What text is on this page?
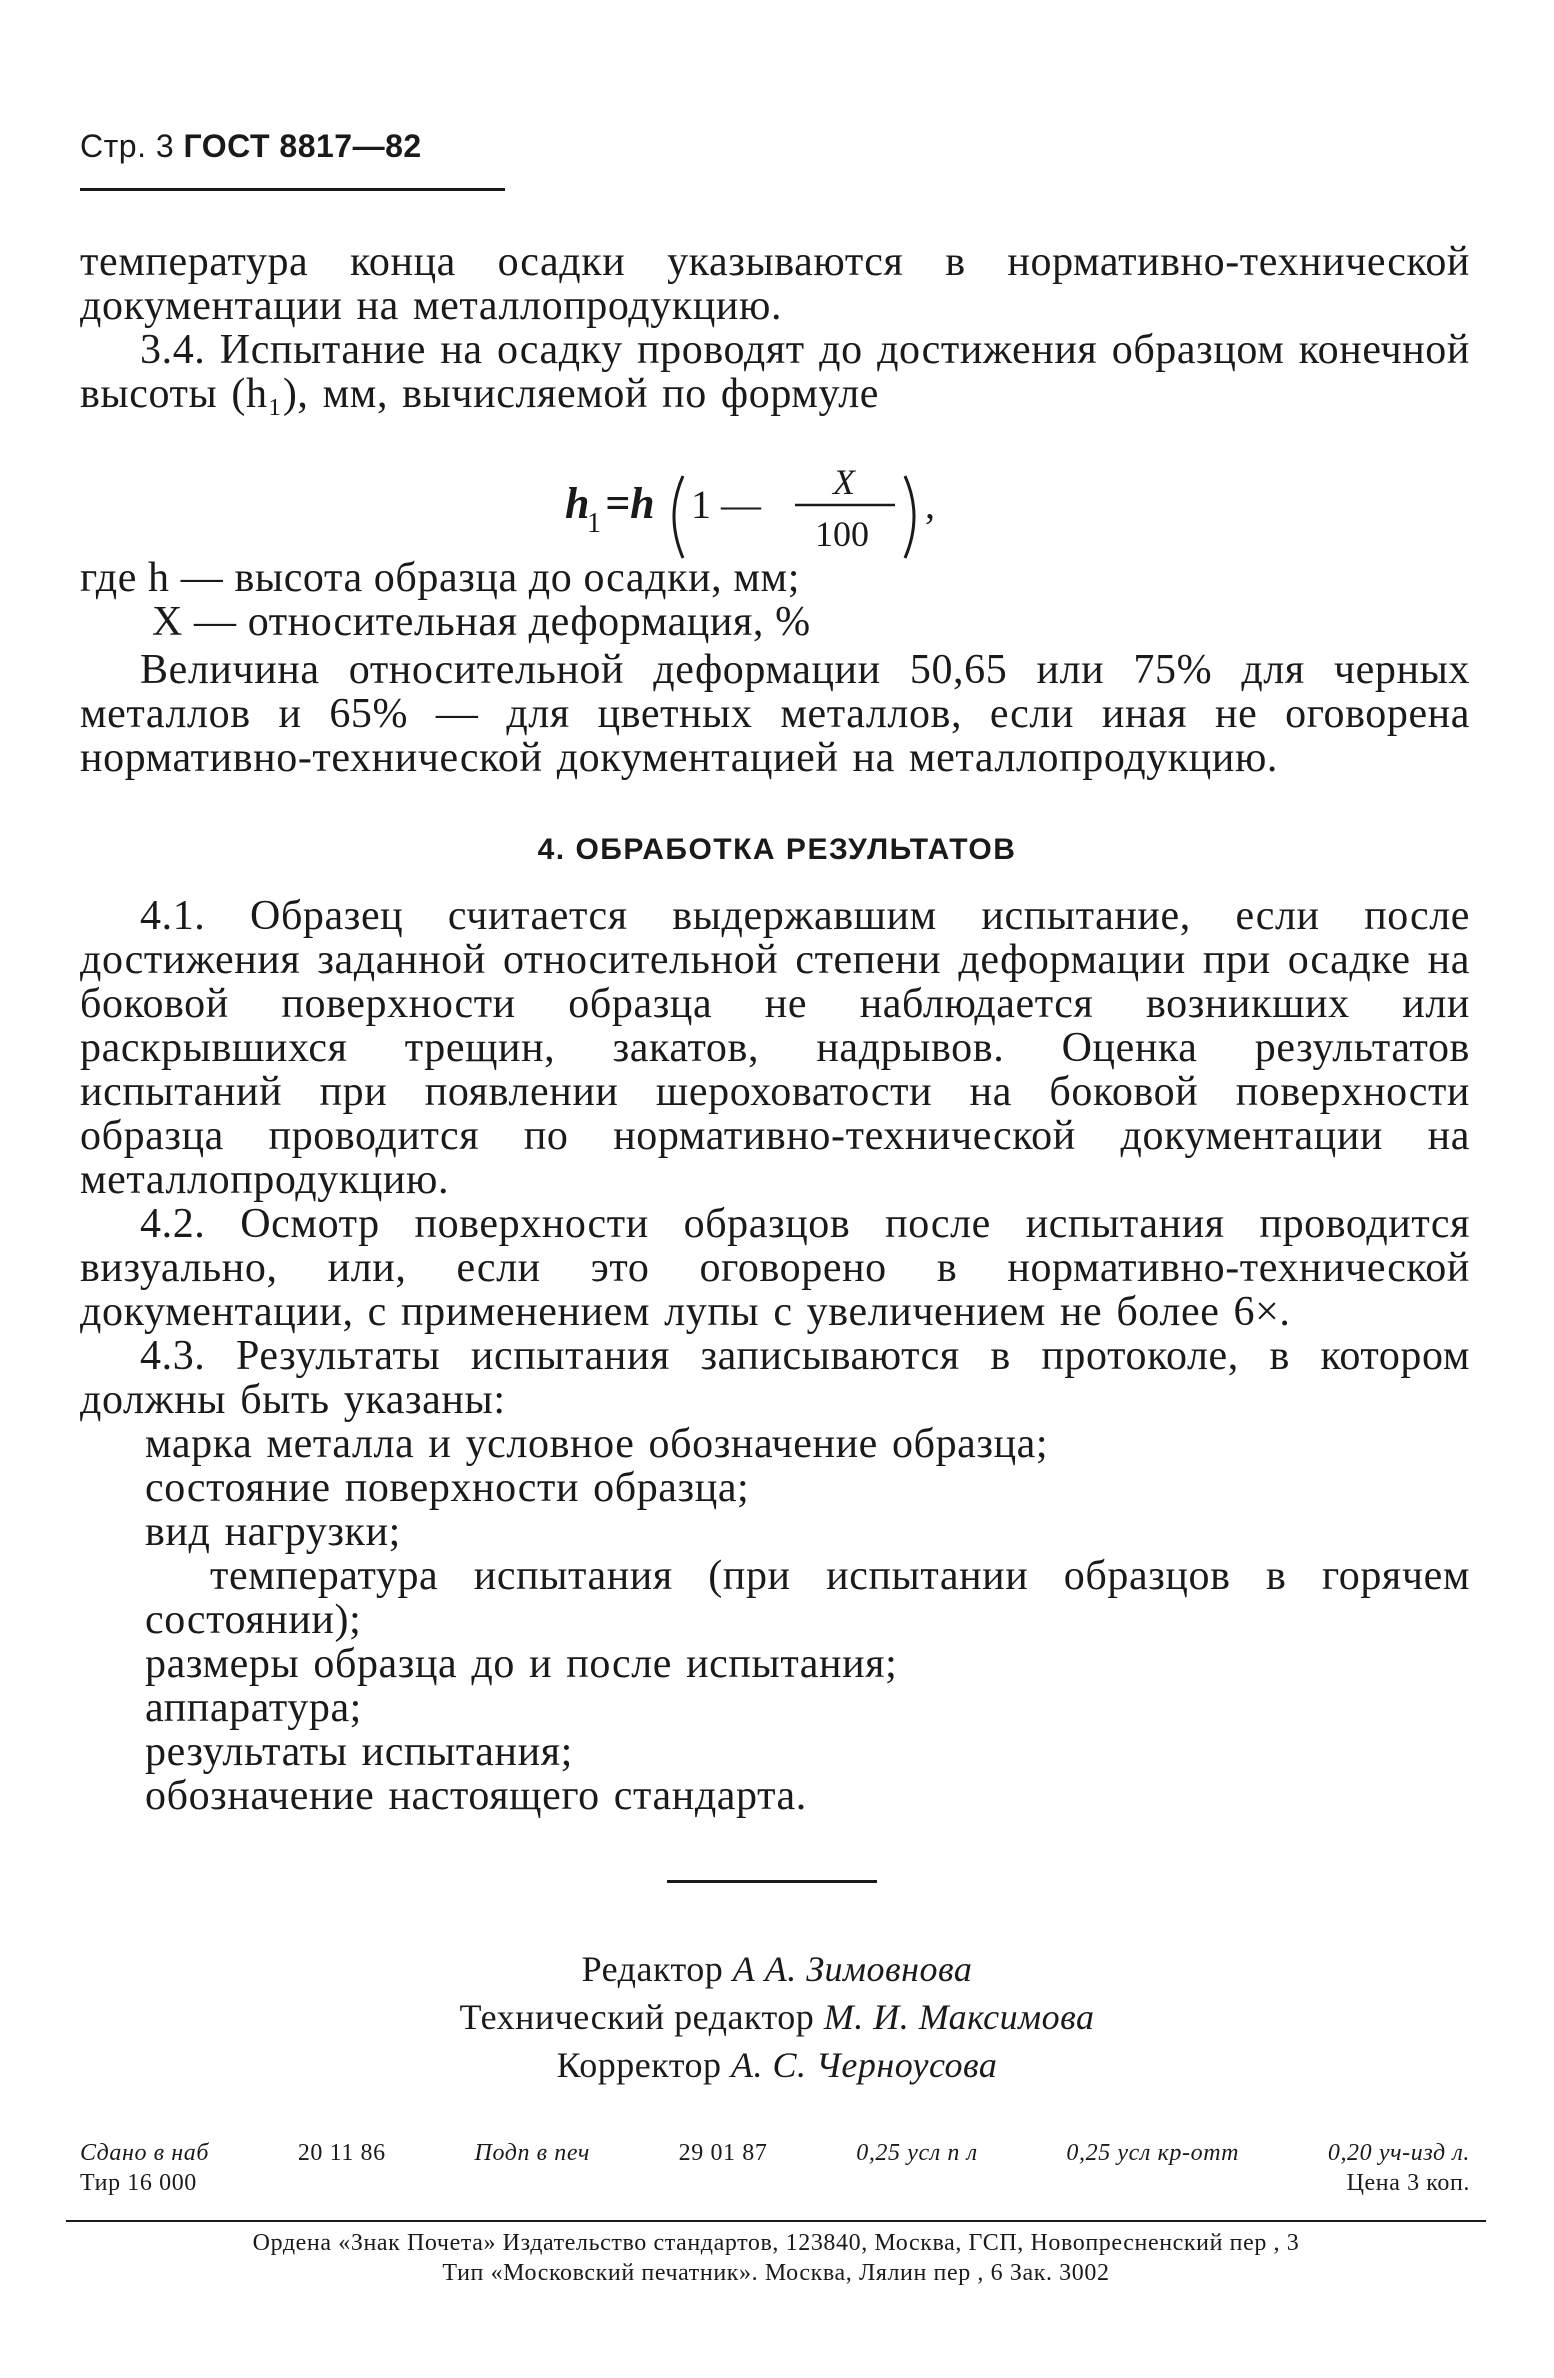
Стр. 3 ГОСТ 8817—82

температура конца осадки указываются в нормативно-технической документации на металлопродукцию.

3.4. Испытание на осадку проводят до достижения образцом конечной высоты (h₁), мм, вычисляемой по формуле

h
1 =h 1 — X
100
,

где h — высота образца до осадки, мм;

X — относительная деформация, %

Величина относительной деформации 50,65 или 75% для черных металлов и 65% — для цветных металлов, если иная не оговорена нормативно-технической документацией на металлопродукцию.

4. ОБРАБОТКА РЕЗУЛЬТАТОВ

4.1. Образец считается выдержавшим испытание, если после достижения заданной относительной степени деформации при осадке на боковой поверхности образца не наблюдается возникших или раскрывшихся трещин, закатов, надрывов. Оценка результатов испытаний при появлении шероховатости на боковой поверхности образца проводится по нормативно-технической документации на металлопродукцию.

4.2. Осмотр поверхности образцов после испытания проводится визуально, или, если это оговорено в нормативно-технической документации, с применением лупы с увеличением не более 6×.

4.3. Результаты испытания записываются в протоколе, в котором должны быть указаны:

марка металла и условное обозначение образца;

состояние поверхности образца;

вид нагрузки;

температура испытания (при испытании образцов в горячем состоянии);

размеры образца до и после испытания;

аппаратура;

результаты испытания;

обозначение настоящего стандарта.

Редактор А А. Зимовнова

Технический редактор М. И. Максимова

Корректор А. С. Черноусова

Сдано в наб	20 11 86	Подп в печ	29 01 87	0,25 усл п л	0,25 усл кр-отт	0,20 уч-изд л.
Тир 16 000	Цена 3 коп.

Ордена «Знак Почета» Издательство стандартов, 123840, Москва, ГСП, Новопресненский пер , 3

Тип «Московский печатник». Москва, Лялин пер , 6 Зак. 3002
